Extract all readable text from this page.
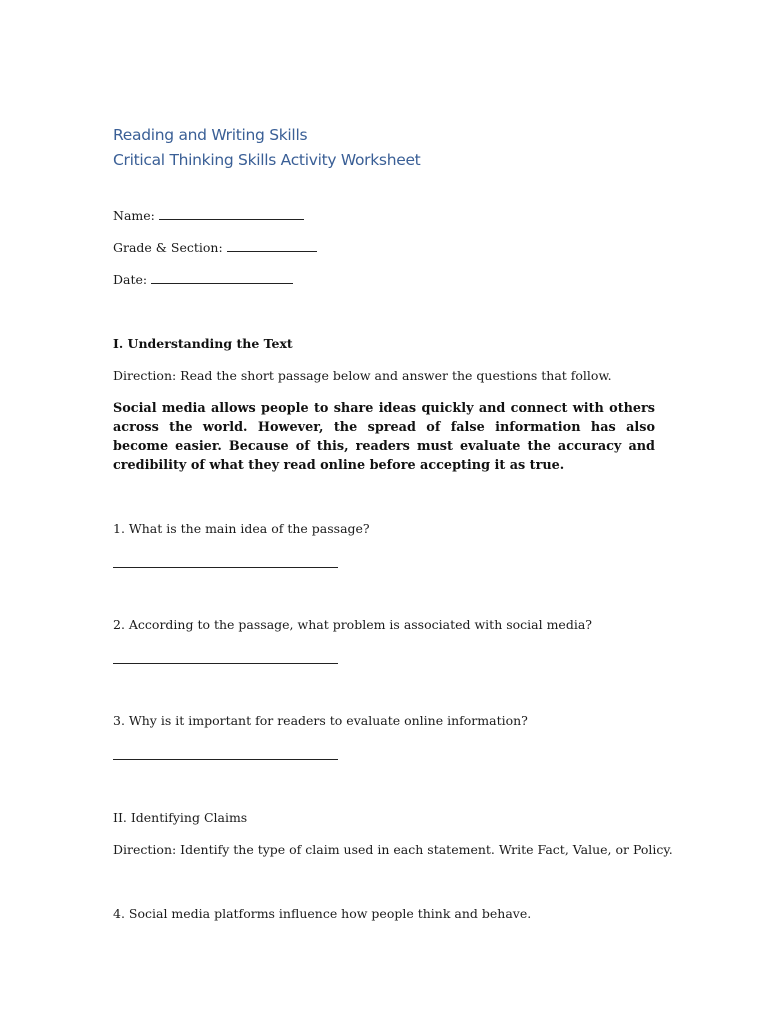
Reading and Writing Skills
Critical Thinking Skills Activity Worksheet
Name:
Grade & Section:
Date:
I. Understanding the Text
Direction: Read the short passage below and answer the questions that follow.
Social media allows people to share ideas quickly and connect with others across the world. However, the spread of false information has also become easier. Because of this, readers must evaluate the accuracy and credibility of what they read online before accepting it as true.
1. What is the main idea of the passage?
2. According to the passage, what problem is associated with social media?
3. Why is it important for readers to evaluate online information?
II. Identifying Claims
Direction: Identify the type of claim used in each statement. Write Fact, Value, or Policy.
4. Social media platforms influence how people think and behave.
